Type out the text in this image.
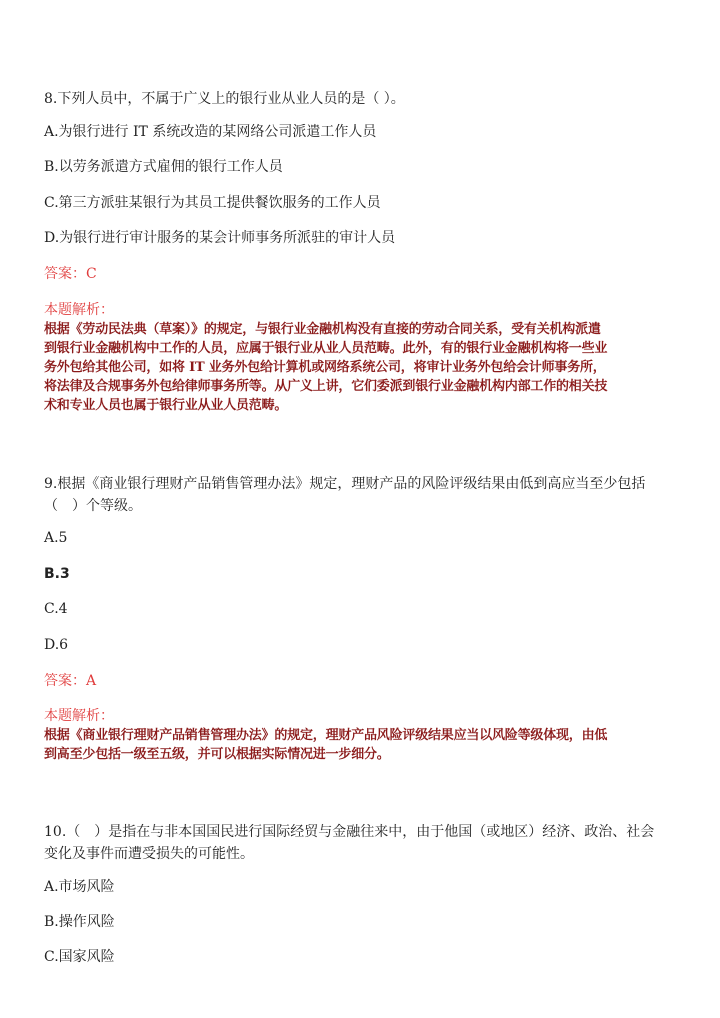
8.下列人员中，不属于广义上的银行业从业人员的是（ ）。
A.为银行进行 IT 系统改造的某网络公司派遣工作人员
B.以劳务派遣方式雇佣的银行工作人员
C.第三方派驻某银行为其员工提供餐饮服务的工作人员
D.为银行进行审计服务的某会计师事务所派驻的审计人员
答案：C
本题解析：
根据《劳动民法典（草案）》的规定，与银行业金融机构没有直接的劳动合同关系，受有关机构派遣
到银行业金融机构中工作的人员，应属于银行业从业人员范畴。此外，有的银行业金融机构将一些业
务外包给其他公司，如将 IT 业务外包给计算机或网络系统公司，将审计业务外包给会计师事务所，
将法律及合规事务外包给律师事务所等。从广义上讲，它们委派到银行业金融机构内部工作的相关技
术和专业人员也属于银行业从业人员范畴。
9.根据《商业银行理财产品销售管理办法》规定，理财产品的风险评级结果由低到高应当至少包括
（　）个等级。
A.5
B.3
C.4
D.6
答案：A
本题解析：
根据《商业银行理财产品销售管理办法》的规定，理财产品风险评级结果应当以风险等级体现，由低
到高至少包括一级至五级，并可以根据实际情况进一步细分。
10.（　）是指在与非本国国民进行国际经贸与金融往来中，由于他国（或地区）经济、政治、社会
变化及事件而遭受损失的可能性。
A.市场风险
B.操作风险
C.国家风险
